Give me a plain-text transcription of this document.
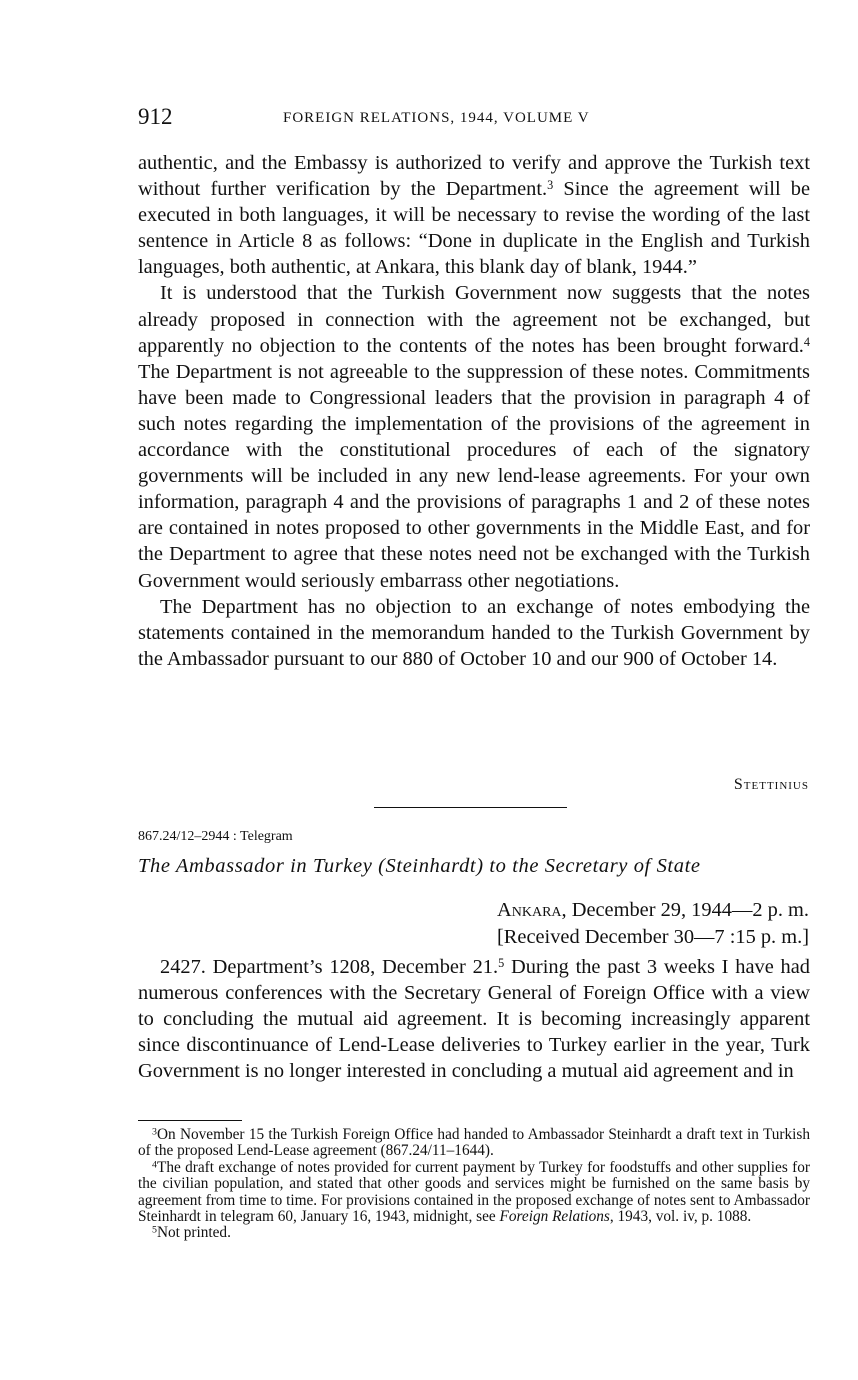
912	FOREIGN RELATIONS, 1944, VOLUME V

authentic, and the Embassy is authorized to verify and approve the Turkish text without further verification by the Department.$^3$ Since the agreement will be executed in both languages, it will be necessary to revise the wording of the last sentence in Article 8 as follows: “Done in duplicate in the English and Turkish languages, both authentic, at Ankara, this blank day of blank, 1944.”

It is understood that the Turkish Government now suggests that the notes already proposed in connection with the agreement not be exchanged, but apparently no objection to the contents of the notes has been brought forward.$^4$ The Department is not agreeable to the suppression of these notes. Commitments have been made to Congressional leaders that the provision in paragraph 4 of such notes regarding the implementation of the provisions of the agreement in accordance with the constitutional procedures of each of the signatory governments will be included in any new lend-lease agreements. For your own information, paragraph 4 and the provisions of paragraphs 1 and 2 of these notes are contained in notes proposed to other governments in the Middle East, and for the Department to agree that these notes need not be exchanged with the Turkish Government would seriously embarrass other negotiations.

The Department has no objection to an exchange of notes embodying the statements contained in the memorandum handed to the Turkish Government by the Ambassador pursuant to our 880 of October 10 and our 900 of October 14.

Stettinius
867.24/12–2944 : Telegram
The Ambassador in Turkey (Steinhardt) to the Secretary of State
Ankara, December 29, 1944—2 p. m.
[Received December 30—7 :15 p. m.]

2427. Department’s 1208, December 21.$^5$ During the past 3 weeks I have had numerous conferences with the Secretary General of Foreign Office with a view to concluding the mutual aid agreement. It is becoming increasingly apparent since discontinuance of Lend-Lease deliveries to Turkey earlier in the year, Turk Government is no longer interested in concluding a mutual aid agreement and in

$^3$On November 15 the Turkish Foreign Office had handed to Ambassador Steinhardt a draft text in Turkish of the proposed Lend-Lease agreement (867.24/11–1644).

$^4$The draft exchange of notes provided for current payment by Turkey for foodstuffs and other supplies for the civilian population, and stated that other goods and services might be furnished on the same basis by agreement from time to time. For provisions contained in the proposed exchange of notes sent to Ambassador Steinhardt in telegram 60, January 16, 1943, midnight, see Foreign Relations, 1943, vol. iv, p. 1088.

$^5$Not printed.
